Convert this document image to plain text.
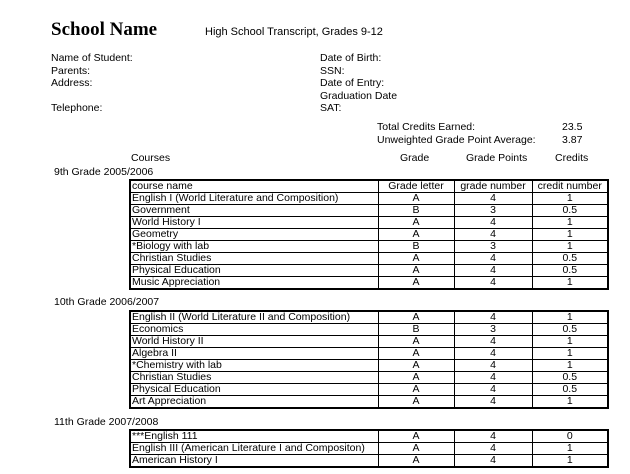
School Name	High School Transcript, Grades 9-12
Name of Student:
Parents:
Address:
Telephone:
Date of Birth:
SSN:
Date of Entry:
Graduation Date
SAT:
Total Credits Earned:	23.5
Unweighted Grade Point Average:	3.87
Courses	Grade	Grade Points	Credits
9th Grade 2005/2006
course name	Grade letter	grade number	credit number
English I (World Literature and Composition)	A	4	1
Government	B	3	0.5
World History I	A	4	1
Geometry	A	4	1
*Biology with lab	B	3	1
Christian Studies	A	4	0.5
Physical Education	A	4	0.5
Music Appreciation	A	4	1
10th Grade 2006/2007
English II (World Literature II and Composition)	A	4	1
Economics	B	3	0.5
World History II	A	4	1
Algebra II	A	4	1
*Chemistry with lab	A	4	1
Christian Studies	A	4	0.5
Physical Education	A	4	0.5
Art Appreciation	A	4	1
11th Grade 2007/2008
***English 111	A	4	0
English III (American Literature I and Compositon)	A	4	1
American History I	A	4	1
